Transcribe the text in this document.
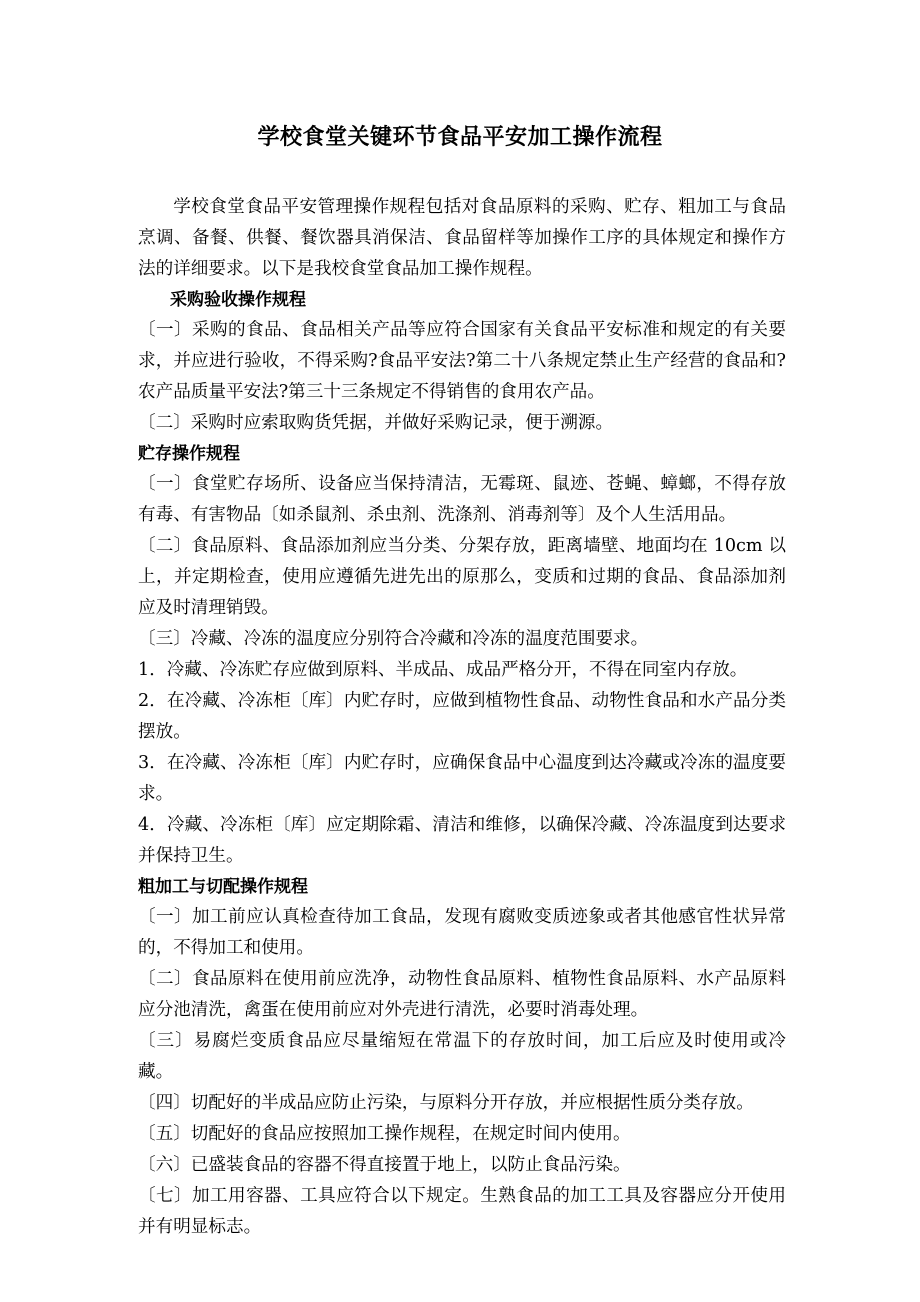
学校食堂关键环节食品平安加工操作流程

学校食堂食品平安管理操作规程包括对食品原料的采购、贮存、粗加工与食品烹调、备餐、供餐、餐饮器具消保洁、食品留样等加操作工序的具体规定和操作方法的详细要求。以下是我校食堂食品加工操作规程。

采购验收操作规程

〔一〕采购的食品、食品相关产品等应符合国家有关食品平安标准和规定的有关要求，并应进行验收，不得采购?食品平安法?第二十八条规定禁止生产经营的食品和?农产品质量平安法?第三十三条规定不得销售的食用农产品。

〔二〕采购时应索取购货凭据，并做好采购记录，便于溯源。

贮存操作规程

〔一〕食堂贮存场所、设备应当保持清洁，无霉斑、鼠迹、苍蝇、蟑螂，不得存放有毒、有害物品〔如杀鼠剂、杀虫剂、洗涤剂、消毒剂等〕及个人生活用品。

〔二〕食品原料、食品添加剂应当分类、分架存放，距离墙壁、地面均在 10cm 以上，并定期检查，使用应遵循先进先出的原那么，变质和过期的食品、食品添加剂应及时清理销毁。

〔三〕冷藏、冷冻的温度应分别符合冷藏和冷冻的温度范围要求。

1．冷藏、冷冻贮存应做到原料、半成品、成品严格分开，不得在同室内存放。

2．在冷藏、冷冻柜〔库〕内贮存时，应做到植物性食品、动物性食品和水产品分类摆放。

3．在冷藏、冷冻柜〔库〕内贮存时，应确保食品中心温度到达冷藏或冷冻的温度要求。

4．冷藏、冷冻柜〔库〕应定期除霜、清洁和维修，以确保冷藏、冷冻温度到达要求并保持卫生。

粗加工与切配操作规程

〔一〕加工前应认真检查待加工食品，发现有腐败变质迹象或者其他感官性状异常的，不得加工和使用。

〔二〕食品原料在使用前应洗净，动物性食品原料、植物性食品原料、水产品原料应分池清洗，禽蛋在使用前应对外壳进行清洗，必要时消毒处理。

〔三〕易腐烂变质食品应尽量缩短在常温下的存放时间，加工后应及时使用或冷藏。

〔四〕切配好的半成品应防止污染，与原料分开存放，并应根据性质分类存放。

〔五〕切配好的食品应按照加工操作规程，在规定时间内使用。

〔六〕已盛装食品的容器不得直接置于地上，以防止食品污染。

〔七〕加工用容器、工具应符合以下规定。生熟食品的加工工具及容器应分开使用并有明显标志。
